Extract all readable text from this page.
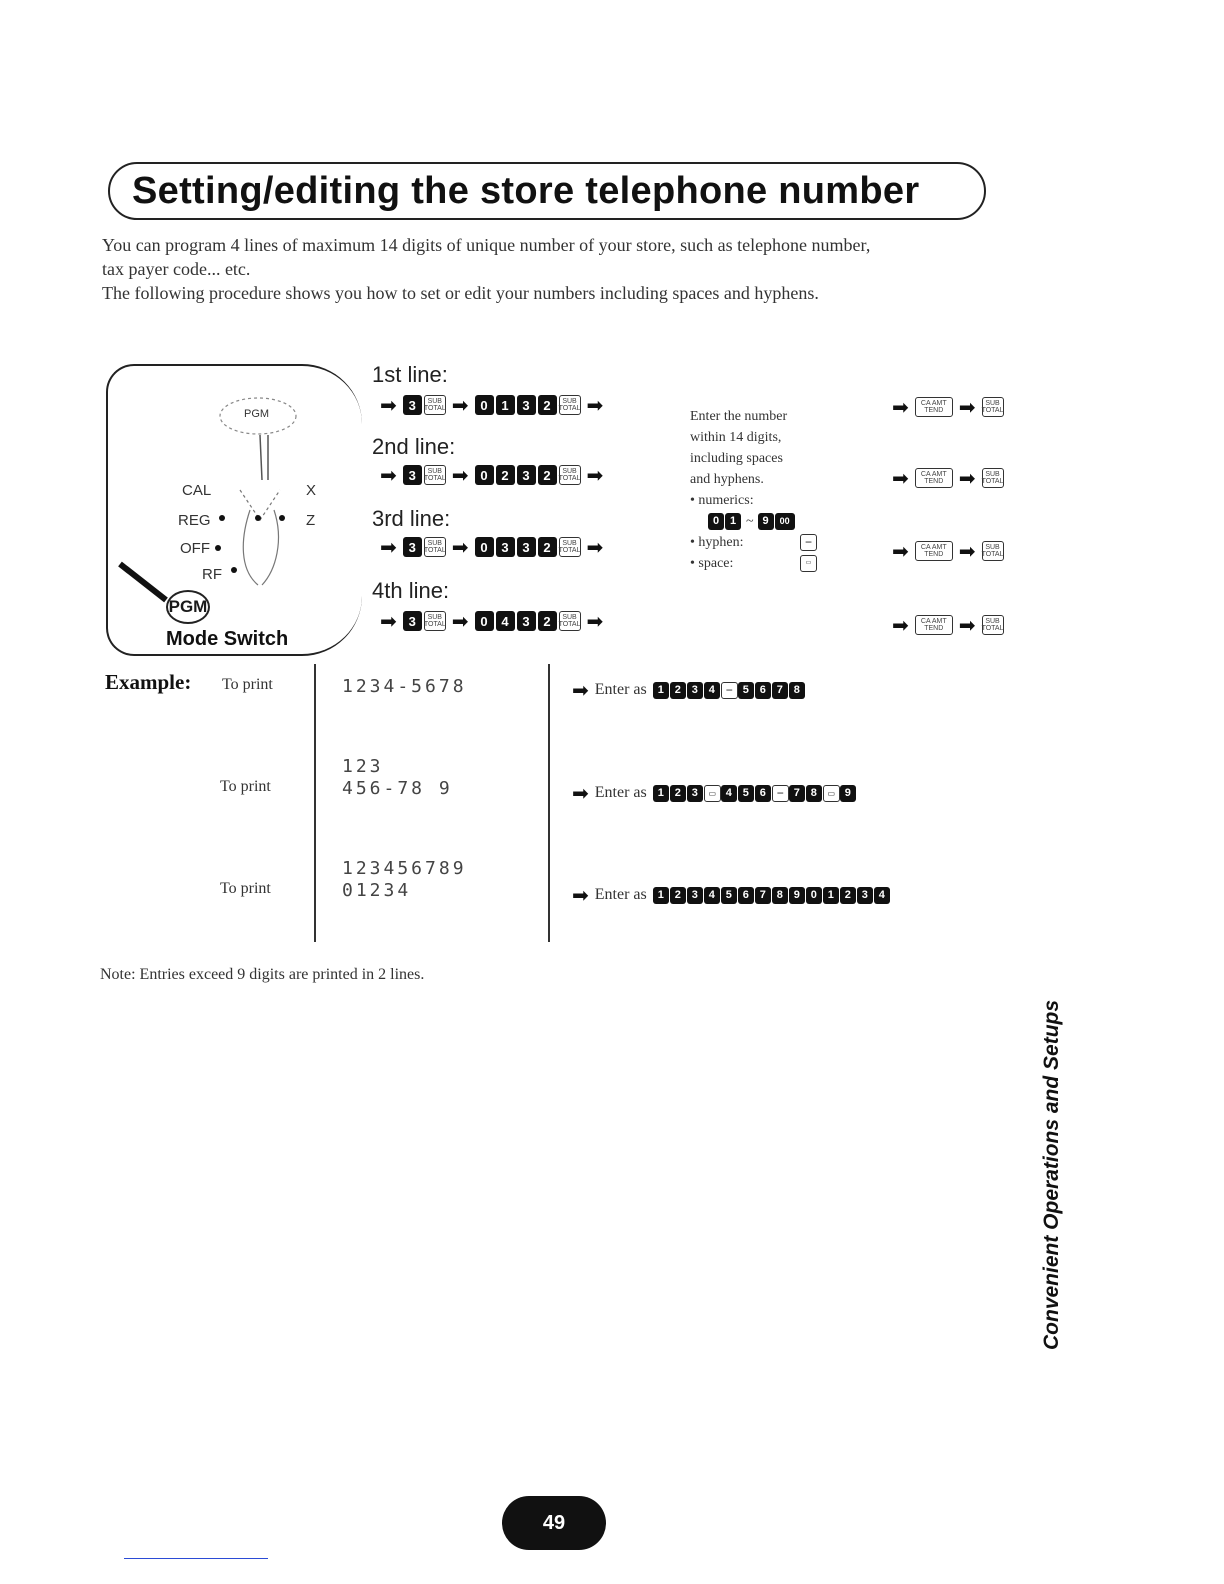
Setting/editing the store telephone number

You can program 4 lines of maximum 14 digits of unique number of your store, such as telephone number,

tax payer code... etc.

The following procedure shows you how to set or edit your numbers including spaces and hyphens.

PGM
CAL	X
REG	Z
OFF
RF
PGM
Mode Switch
1st line:
➡ 3	SUB
TOTAL ➡ 0	1	3	2	SUB
TOTAL ➡
2nd line:
➡ 3	SUB
TOTAL ➡ 0	2	3	2	SUB
TOTAL ➡
3rd line:
➡ 3	SUB
TOTAL ➡ 0	3	3	2	SUB
TOTAL ➡
4th line:
➡ 3	SUB
TOTAL ➡ 0	4	3	2	SUB
TOTAL ➡
➡	CA AMT
TEND ➡	SUB
TOTAL
➡	CA AMT
TEND ➡	SUB
TOTAL
➡	CA AMT
TEND ➡	SUB
TOTAL
➡	CA AMT
TEND ➡	SUB
TOTAL
Enter the number
within 14 digits,
including spaces
and hyphens.
• numerics:
0 1 ~ 9	00
• hyphen:	−
• space:	▭
Example: To print	1234-5678	➡ Enter as 1 2 3 4 − 5 6 7 8
To print
123
456-78 9	➡ Enter as 1 2 3	▭ 4 5 6 − 7 8	▭ 9
To print
123456789
01234	➡ Enter as 1 2 3 4 5 6 7 8 9 0 1 2 3 4
Note: Entries exceed 9 digits are printed in 2 lines.
Convenient Operations and Setups
49
